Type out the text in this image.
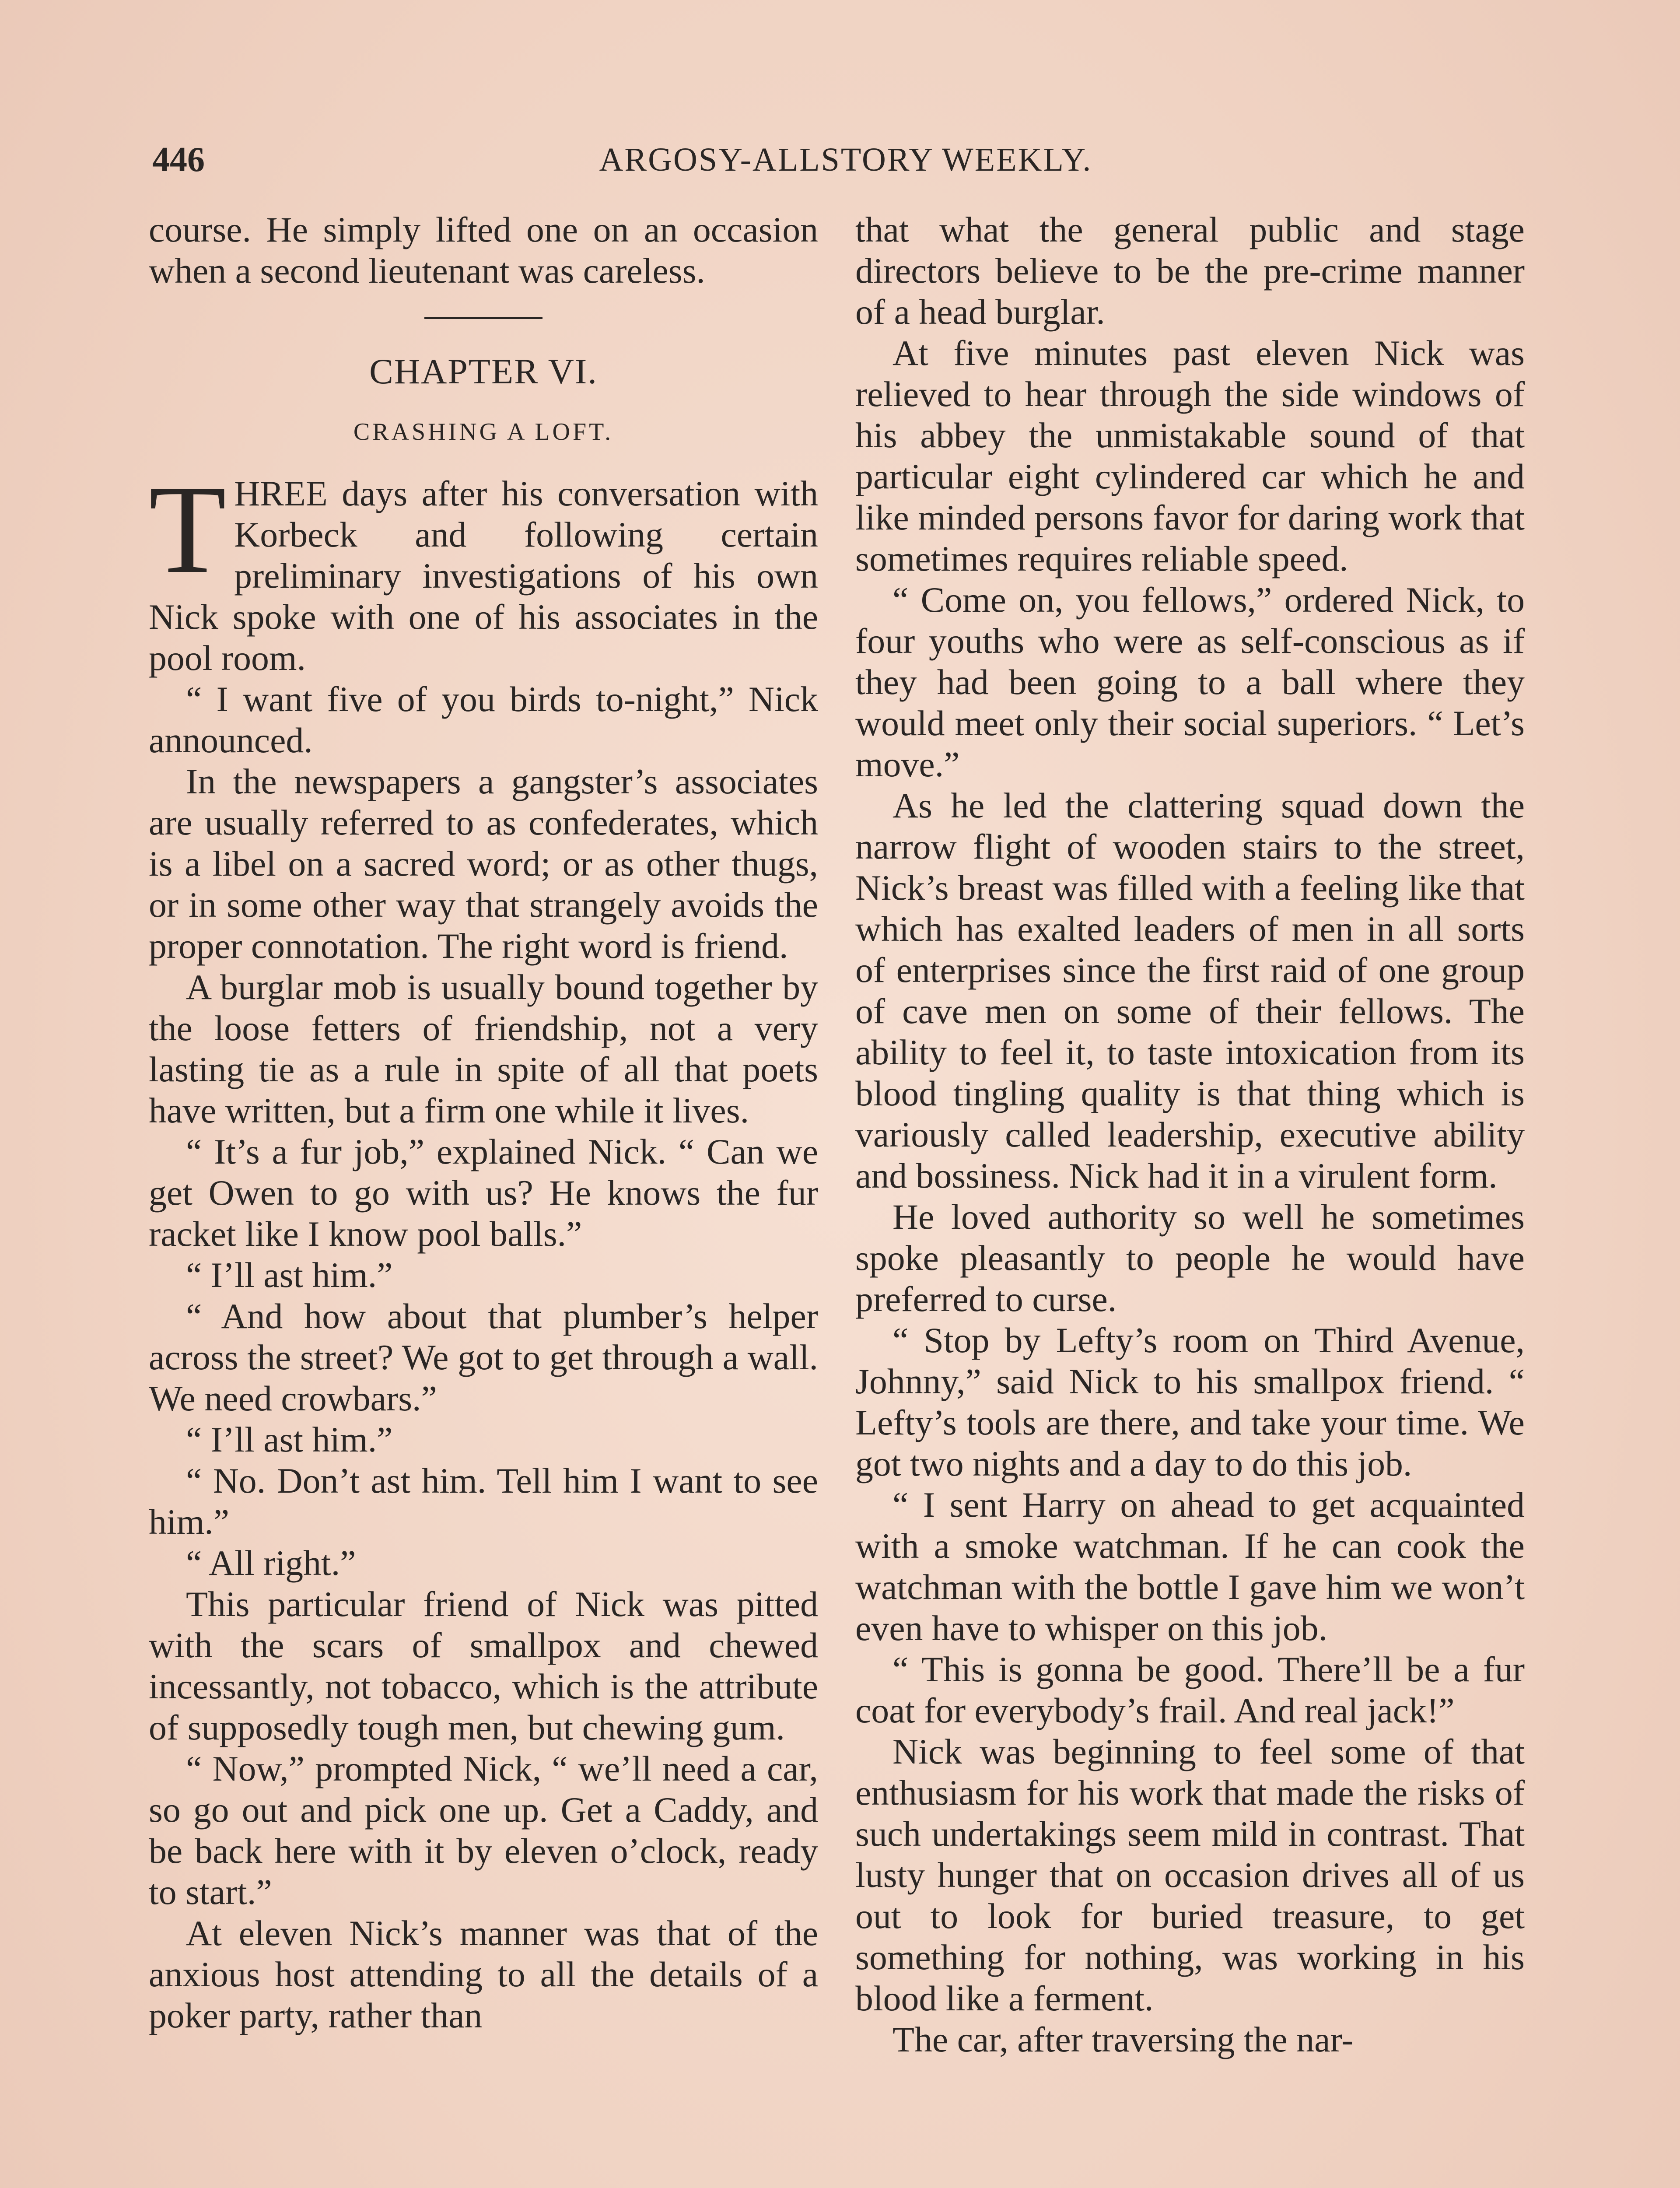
446	ARGOSY-ALLSTORY WEEKLY.

course. He simply lifted one on an occasion when a second lieutenant was careless.

CHAPTER VI.
CRASHING A LOFT.

THREE days after his conversation with Korbeck and following certain preliminary investigations of his own Nick spoke with one of his associates in the pool room.

“ I want five of you birds to-night,” Nick announced.

In the newspapers a gangster’s associates are usually referred to as confederates, which is a libel on a sacred word; or as other thugs, or in some other way that strangely avoids the proper connotation. The right word is friend.

A burglar mob is usually bound together by the loose fetters of friendship, not a very lasting tie as a rule in spite of all that poets have written, but a firm one while it lives.

“ It’s a fur job,” explained Nick. “ Can we get Owen to go with us? He knows the fur racket like I know pool balls.”

“ I’ll ast him.”

“ And how about that plumber’s helper across the street? We got to get through a wall. We need crowbars.”

“ I’ll ast him.”

“ No. Don’t ast him. Tell him I want to see him.”

“ All right.”

This particular friend of Nick was pitted with the scars of smallpox and chewed incessantly, not tobacco, which is the attribute of supposedly tough men, but chewing gum.

“ Now,” prompted Nick, “ we’ll need a car, so go out and pick one up. Get a Caddy, and be back here with it by eleven o’clock, ready to start.”

At eleven Nick’s manner was that of the anxious host attending to all the details of a poker party, rather than

that what the general public and stage directors believe to be the pre-crime manner of a head burglar.

At five minutes past eleven Nick was relieved to hear through the side windows of his abbey the unmistakable sound of that particular eight cylindered car which he and like minded persons favor for daring work that sometimes requires reliable speed.

“ Come on, you fellows,” ordered Nick, to four youths who were as self-conscious as if they had been going to a ball where they would meet only their social superiors. “ Let’s move.”

As he led the clattering squad down the narrow flight of wooden stairs to the street, Nick’s breast was filled with a feeling like that which has exalted leaders of men in all sorts of enterprises since the first raid of one group of cave men on some of their fellows. The ability to feel it, to taste intoxication from its blood tingling quality is that thing which is variously called leadership, executive ability and bossiness. Nick had it in a virulent form.

He loved authority so well he sometimes spoke pleasantly to people he would have preferred to curse.

“ Stop by Lefty’s room on Third Avenue, Johnny,” said Nick to his smallpox friend. “ Lefty’s tools are there, and take your time. We got two nights and a day to do this job.

“ I sent Harry on ahead to get acquainted with a smoke watchman. If he can cook the watchman with the bottle I gave him we won’t even have to whisper on this job.

“ This is gonna be good. There’ll be a fur coat for everybody’s frail. And real jack!”

Nick was beginning to feel some of that enthusiasm for his work that made the risks of such undertakings seem mild in contrast. That lusty hunger that on occasion drives all of us out to look for buried treasure, to get something for nothing, was working in his blood like a ferment.

The car, after traversing the nar-
